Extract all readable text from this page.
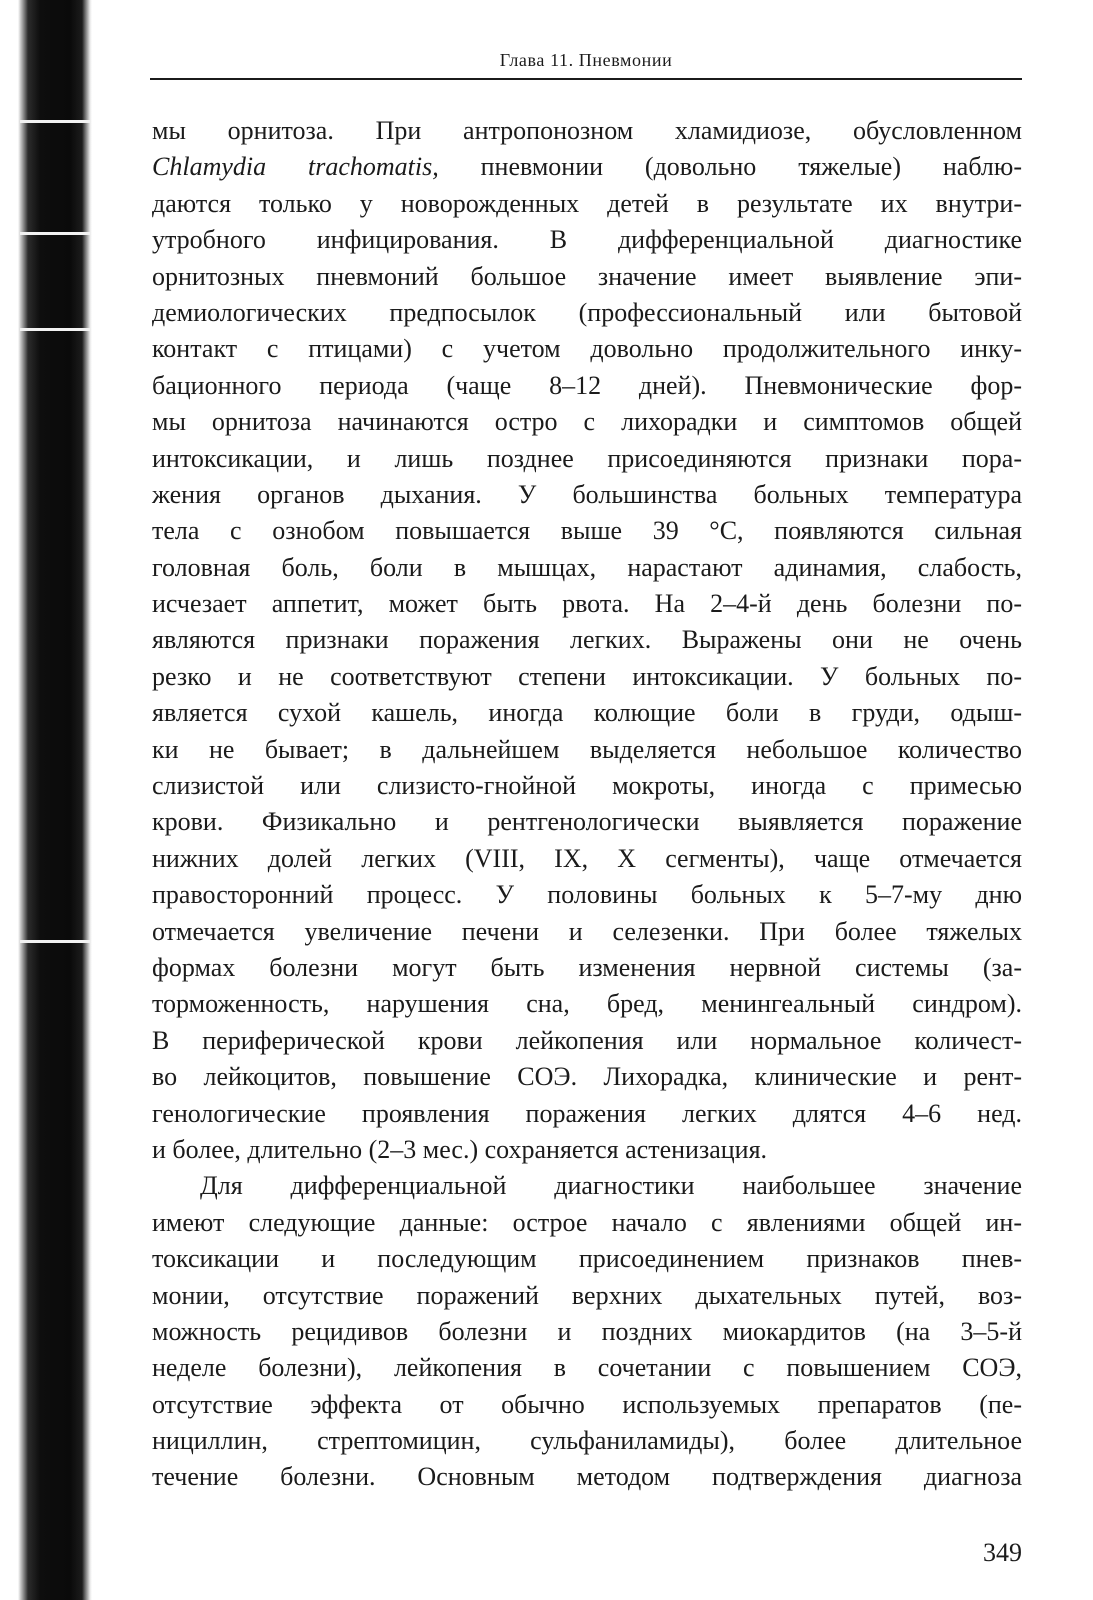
Глава 11. Пневмонии
мы орнитоза. При антропонозном хламидиозе, обусловленном
Chlamydia trachomatis, пневмонии (довольно тяжелые) наблю-
даются только у новорожденных детей в результате их внутри-
утробного инфицирования. В дифференциальной диагностике
орнитозных пневмоний большое значение имеет выявление эпи-
демиологических предпосылок (профессиональный или бытовой
контакт с птицами) с учетом довольно продолжительного инку-
бационного периода (чаще 8–12 дней). Пневмонические фор-
мы орнитоза начинаются остро с лихорадки и симптомов общей
интоксикации, и лишь позднее присоединяются признаки пора-
жения органов дыхания. У большинства больных температура
тела с ознобом повышается выше 39 °С, появляются сильная
головная боль, боли в мышцах, нарастают адинамия, слабость,
исчезает аппетит, может быть рвота. На 2–4-й день болезни по-
являются признаки поражения легких. Выражены они не очень
резко и не соответствуют степени интоксикации. У больных по-
является сухой кашель, иногда колющие боли в груди, одыш-
ки не бывает; в дальнейшем выделяется небольшое количество
слизистой или слизисто-гнойной мокроты, иногда с примесью
крови. Физикально и рентгенологически выявляется поражение
нижних долей легких (VIII, IX, X сегменты), чаще отмечается
правосторонний процесс. У половины больных к 5–7-му дню
отмечается увеличение печени и селезенки. При более тяжелых
формах болезни могут быть изменения нервной системы (за-
торможенность, нарушения сна, бред, менингеальный синдром).
В периферической крови лейкопения или нормальное количест-
во лейкоцитов, повышение СОЭ. Лихорадка, клинические и рент-
генологические проявления поражения легких длятся 4–6 нед.
и более, длительно (2–3 мес.) сохраняется астенизация.
Для дифференциальной диагностики наибольшее значение
имеют следующие данные: острое начало с явлениями общей ин-
токсикации и последующим присоединением признаков пнев-
монии, отсутствие поражений верхних дыхательных путей, воз-
можность рецидивов болезни и поздних миокардитов (на 3–5-й
неделе болезни), лейкопения в сочетании с повышением СОЭ,
отсутствие эффекта от обычно используемых препаратов (пе-
нициллин, стрептомицин, сульфаниламиды), более длительное
течение болезни. Основным методом подтверждения диагноза
349
